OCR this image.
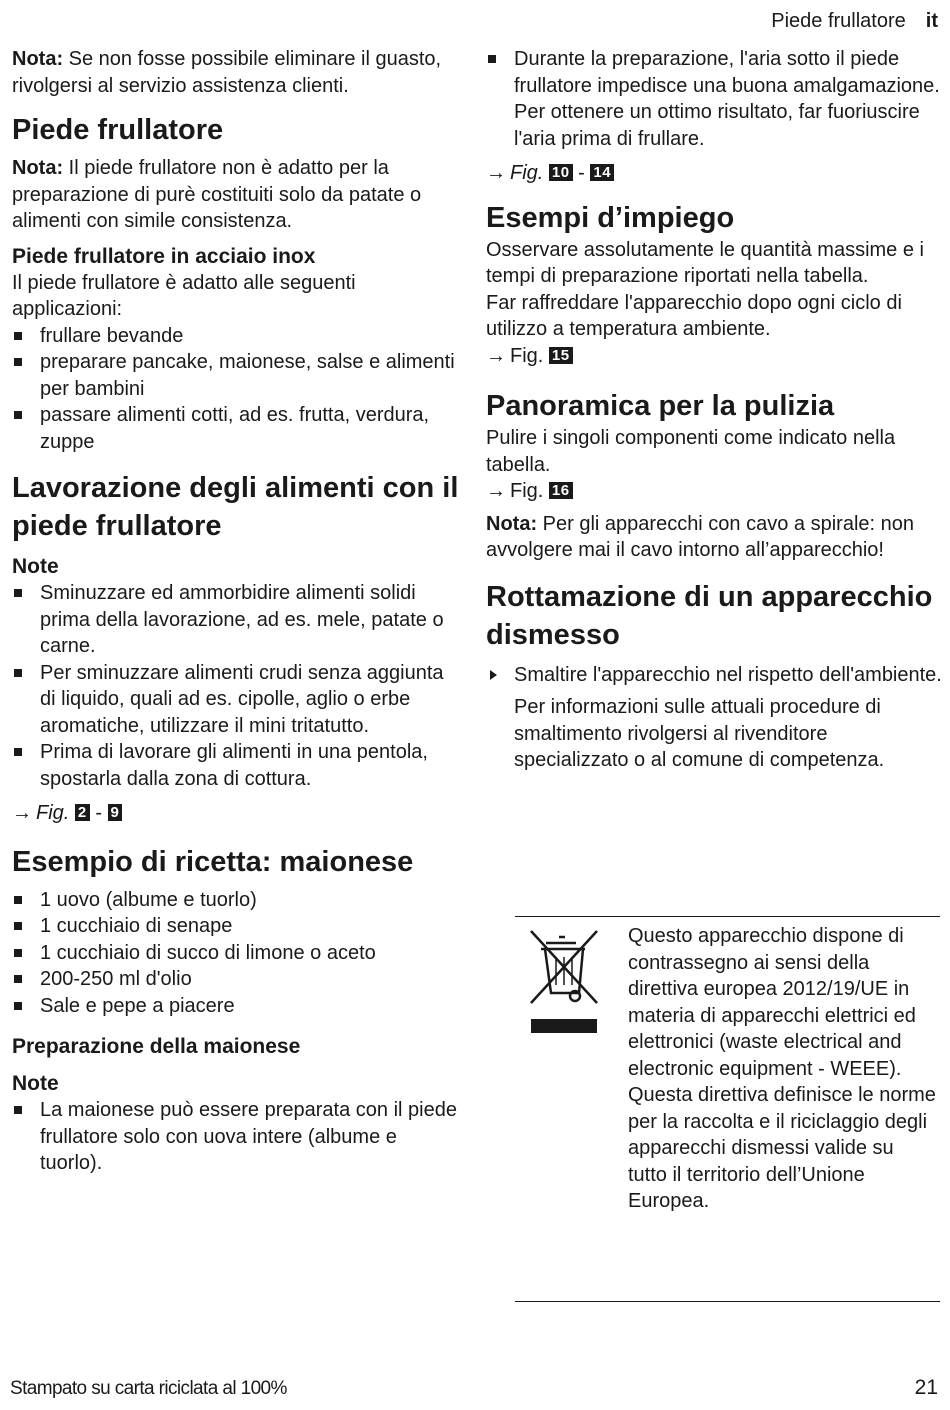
Piede frullatore it

Nota: Se non fosse possibile eliminare il guasto, rivolgersi al servizio assistenza clienti.

Piede frullatore

Nota: Il piede frullatore non è adatto per la preparazione di purè costituiti solo da patate o alimenti con simile consistenza.

Piede frullatore in acciaio inox

Il piede frullatore è adatto alle seguenti applicazioni:

frullare bevande
preparare pancake, maionese, salse e alimenti per bambini
passare alimenti cotti, ad es. frutta, verdura, zuppe
Lavorazione degli alimenti con il piede frullatore
Note
Sminuzzare ed ammorbidire alimenti solidi prima della lavorazione, ad es. mele, patate o carne.
Per sminuzzare alimenti crudi senza aggiunta di liquido, quali ad es. cipolle, aglio o erbe aromatiche, utilizzare il mini tritatutto.
Prima di lavorare gli alimenti in una pentola, spostarla dalla zona di cottura.

→ Fig. 2 - 9

Esempio di ricetta: maionese
1 uovo (albume e tuorlo)
1 cucchiaio di senape
1 cucchiaio di succo di limone o aceto
200-250 ml d'olio
Sale e pepe a piacere
Preparazione della maionese
Note
La maionese può essere preparata con il piede frullatore solo con uova intere (albume e tuorlo).
Durante la preparazione, l'aria sotto il piede frullatore impedisce una buona amalgamazione. Per ottenere un ottimo risultato, far fuoriuscire l'aria prima di frullare.

→ Fig. 10 - 14

Esempi d’impiego

Osservare assolutamente le quantità massime e i tempi di preparazione riportati nella tabella.

Far raffreddare l'apparecchio dopo ogni ciclo di utilizzo a temperatura ambiente.

→ Fig. 15

Panoramica per la pulizia

Pulire i singoli componenti come indicato nella tabella.

→ Fig. 16

Nota: Per gli apparecchi con cavo a spirale: non avvolgere mai il cavo intorno all’apparecchio!

Rottamazione di un apparecchio dismesso
Smaltire l'apparecchio nel rispetto dell'ambiente.

Per informazioni sulle attuali procedure di smaltimento rivolgersi al rivenditore specializzato o al comune di competenza.

Questo apparecchio dispone di contrassegno ai sensi della direttiva europea 2012/19/UE in materia di apparecchi elettrici ed elettronici (waste electrical and electronic equipment - WEEE).

Questa direttiva definisce le norme per la raccolta e il riciclaggio degli apparecchi dismessi valide su tutto il territorio dell’Unione Europea.

Stampato su carta riciclata al 100%	21
